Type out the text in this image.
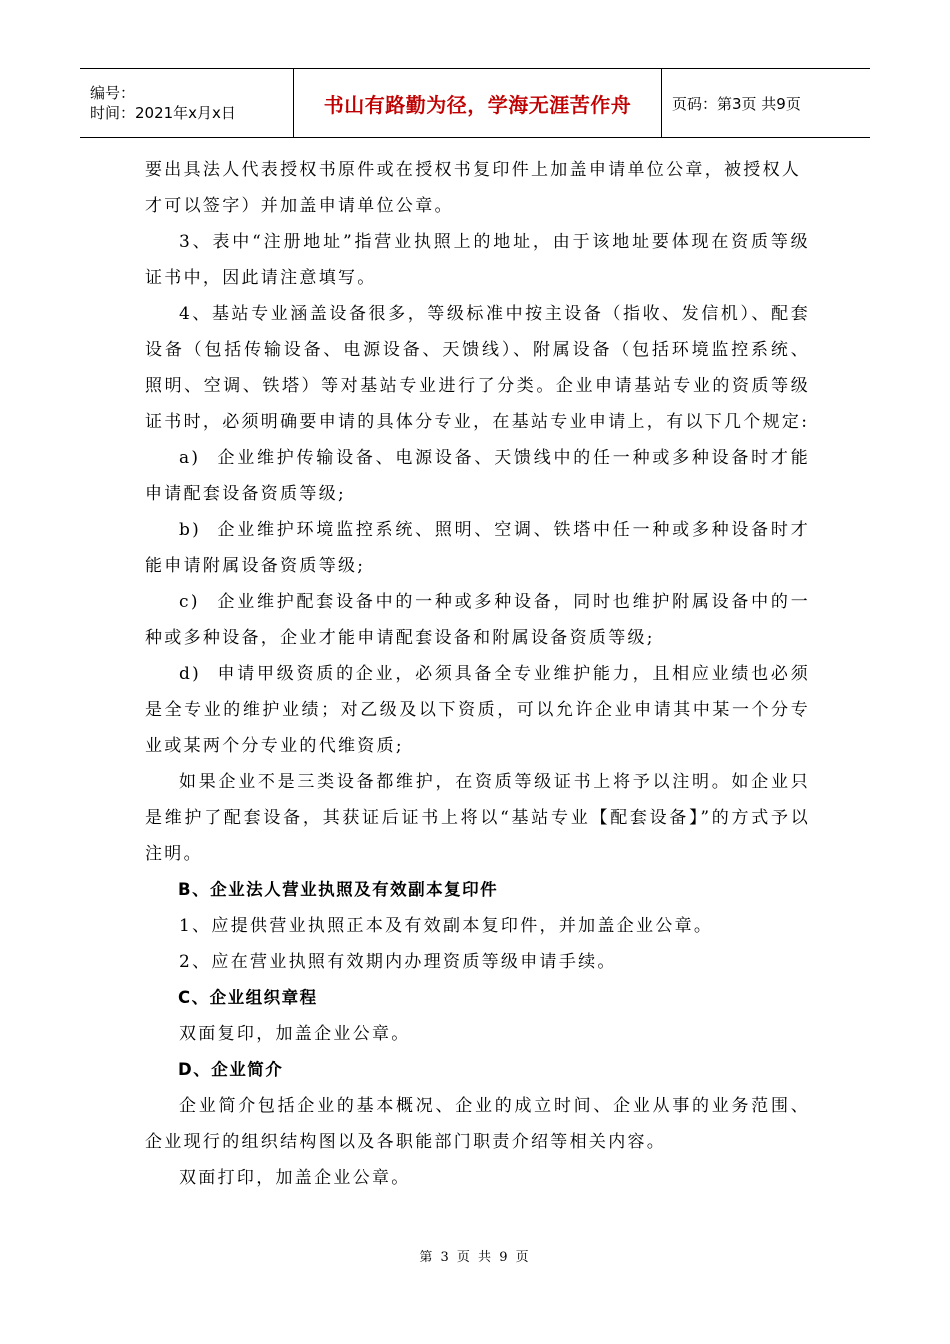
编号：
时间：2021年x月x日	书山有路勤为径，学海无涯苦作舟	页码：第3页 共9页

要出具法人代表授权书原件或在授权书复印件上加盖申请单位公章，被授权人

才可以签字）并加盖申请单位公章。

3、表中“注册地址”指营业执照上的地址，由于该地址要体现在资质等级证书中，因此请注意填写。

4、基站专业涵盖设备很多，等级标准中按主设备（指收、发信机）、配套设备（包括传输设备、电源设备、天馈线）、附属设备（包括环境监控系统、照明、空调、铁塔）等对基站专业进行了分类。企业申请基站专业的资质等级证书时，必须明确要申请的具体分专业，在基站专业申请上，有以下几个规定:

a) 企业维护传输设备、电源设备、天馈线中的任一种或多种设备时才能申请配套设备资质等级;

b) 企业维护环境监控系统、照明、空调、铁塔中任一种或多种设备时才能申请附属设备资质等级;

c) 企业维护配套设备中的一种或多种设备，同时也维护附属设备中的一种或多种设备，企业才能申请配套设备和附属设备资质等级;

d) 申请甲级资质的企业，必须具备全专业维护能力，且相应业绩也必须是全专业的维护业绩；对乙级及以下资质，可以允许企业申请其中某一个分专业或某两个分专业的代维资质;

如果企业不是三类设备都维护，在资质等级证书上将予以注明。如企业只是维护了配套设备，其获证后证书上将以“基站专业【配套设备】”的方式予以注明。

B、企业法人营业执照及有效副本复印件

1、应提供营业执照正本及有效副本复印件，并加盖企业公章。

2、应在营业执照有效期内办理资质等级申请手续。

C、企业组织章程

双面复印，加盖企业公章。

D、企业简介

企业简介包括企业的基本概况、企业的成立时间、企业从事的业务范围、企业现行的组织结构图以及各职能部门职责介绍等相关内容。

双面打印，加盖企业公章。

第 3 页 共 9 页
